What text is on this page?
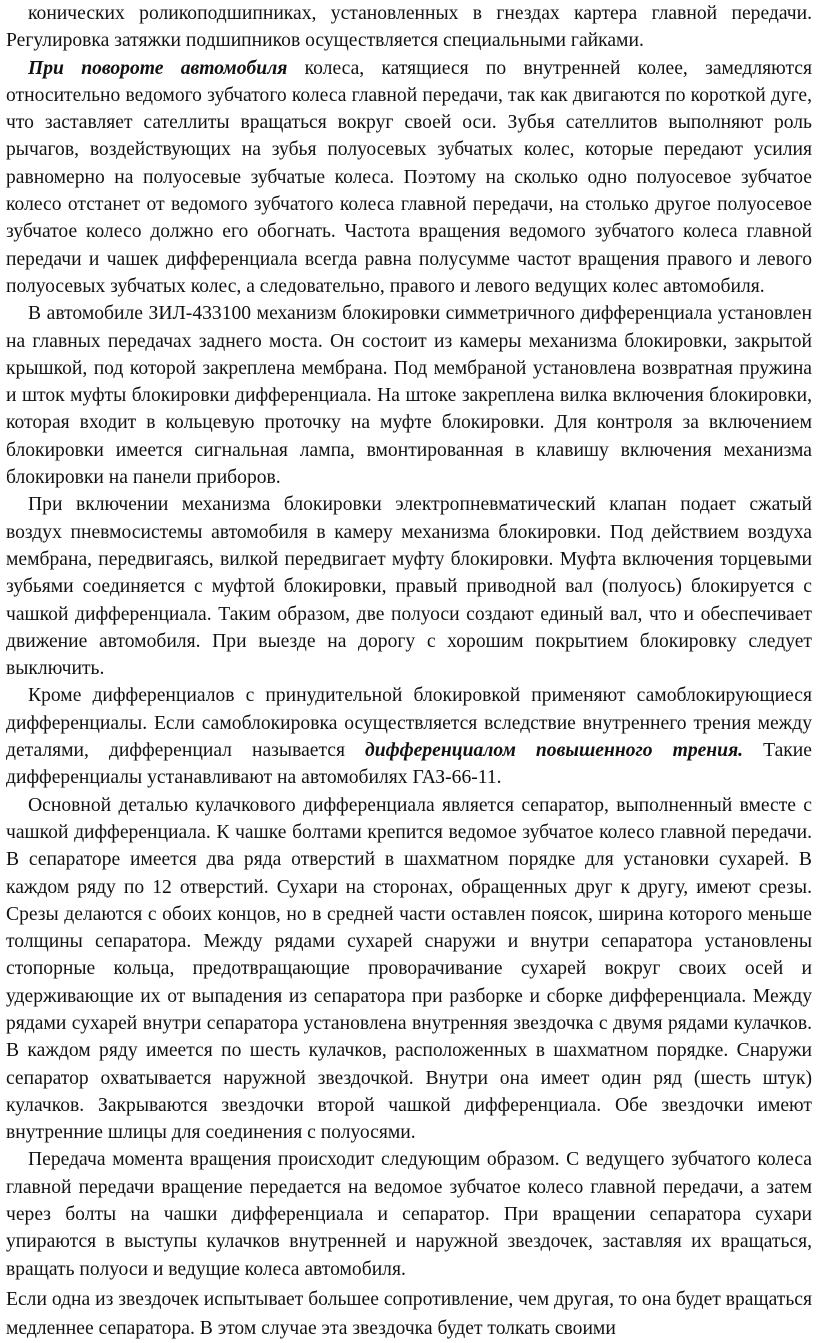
конических роликоподшипниках, установленных в гнездах картера главной передачи. Регулировка затяжки подшипников осуществляется специальными гайками.

При повороте автомобиля колеса, катящиеся по внутренней колее, замедляются относительно ведомого зубчатого колеса главной передачи, так как двигаются по короткой дуге, что заставляет сателлиты вращаться вокруг своей оси. Зубья сателлитов выполняют роль рычагов, воздействующих на зубья полуосевых зубчатых колес, которые передают усилия равномерно на полуосевые зубчатые колеса. Поэтому на сколько одно полуосевое зубчатое колесо отстанет от ведомого зубчатого колеса главной передачи, на столько другое полуосевое зубчатое колесо должно его обогнать. Частота вращения ведомого зубчатого колеса главной передачи и чашек дифференциала всегда равна полусумме частот вращения правого и левого полуосевых зубчатых колес, а следовательно, правого и левого ведущих колес автомобиля.

В автомобиле ЗИЛ-433100 механизм блокировки симметричного дифференциала установлен на главных передачах заднего моста. Он состоит из камеры механизма блокировки, закрытой крышкой, под которой закреплена мембрана. Под мембраной установлена возвратная пружина и шток муфты блокировки дифференциала. На штоке закреплена вилка включения блокировки, которая входит в кольцевую проточку на муфте блокировки. Для контроля за включением блокировки имеется сигнальная лампа, вмонтированная в клавишу включения механизма блокировки на панели приборов.

При включении механизма блокировки электропневматический клапан подает сжатый воздух пневмосистемы автомобиля в камеру механизма блокировки. Под действием воздуха мембрана, передвигаясь, вилкой передвигает муфту блокировки. Муфта включения торцевыми зубьями соединяется с муфтой блокировки, правый приводной вал (полуось) блокируется с чашкой дифференциала. Таким образом, две полуоси создают единый вал, что и обеспечивает движение автомобиля. При выезде на дорогу с хорошим покрытием блокировку следует выключить.

Кроме дифференциалов с принудительной блокировкой применяют самоблокирующиеся дифференциалы. Если самоблокировка осуществляется вследствие внутреннего трения между деталями, дифференциал называется дифференциалом повышенного трения. Такие дифференциалы устанавливают на автомобилях ГАЗ-66-11.

Основной деталью кулачкового дифференциала является сепаратор, выполненный вместе с чашкой дифференциала. К чашке болтами крепится ведомое зубчатое колесо главной передачи. В сепараторе имеется два ряда отверстий в шахматном порядке для установки сухарей. В каждом ряду по 12 отверстий. Сухари на сторонах, обращенных друг к другу, имеют срезы. Срезы делаются с обоих концов, но в средней части оставлен поясок, ширина которого меньше толщины сепаратора. Между рядами сухарей снаружи и внутри сепаратора установлены стопорные кольца, предотвращающие проворачивание сухарей вокруг своих осей и удерживающие их от выпадения из сепаратора при разборке и сборке дифференциала. Между рядами сухарей внутри сепаратора установлена внутренняя звездочка с двумя рядами кулачков. В каждом ряду имеется по шесть кулачков, расположенных в шахматном порядке. Снаружи сепаратор охватывается наружной звездочкой. Внутри она имеет один ряд (шесть штук) кулачков. Закрываются звездочки второй чашкой дифференциала. Обе звездочки имеют внутренние шлицы для соединения с полуосями.

Передача момента вращения происходит следующим образом. С ведущего зубчатого колеса главной передачи вращение передается на ведомое зубчатое колесо главной передачи, а затем через болты на чашки дифференциала и сепаратор. При вращении сепаратора сухари упираются в выступы кулачков внутренней и наружной звездочек, заставляя их вращаться, вращать полуоси и ведущие колеса автомобиля.

Если одна из звездочек испытывает большее сопротивление, чем другая, то она будет вращаться медленнее сепаратора. В этом случае эта звездочка будет толкать своими
